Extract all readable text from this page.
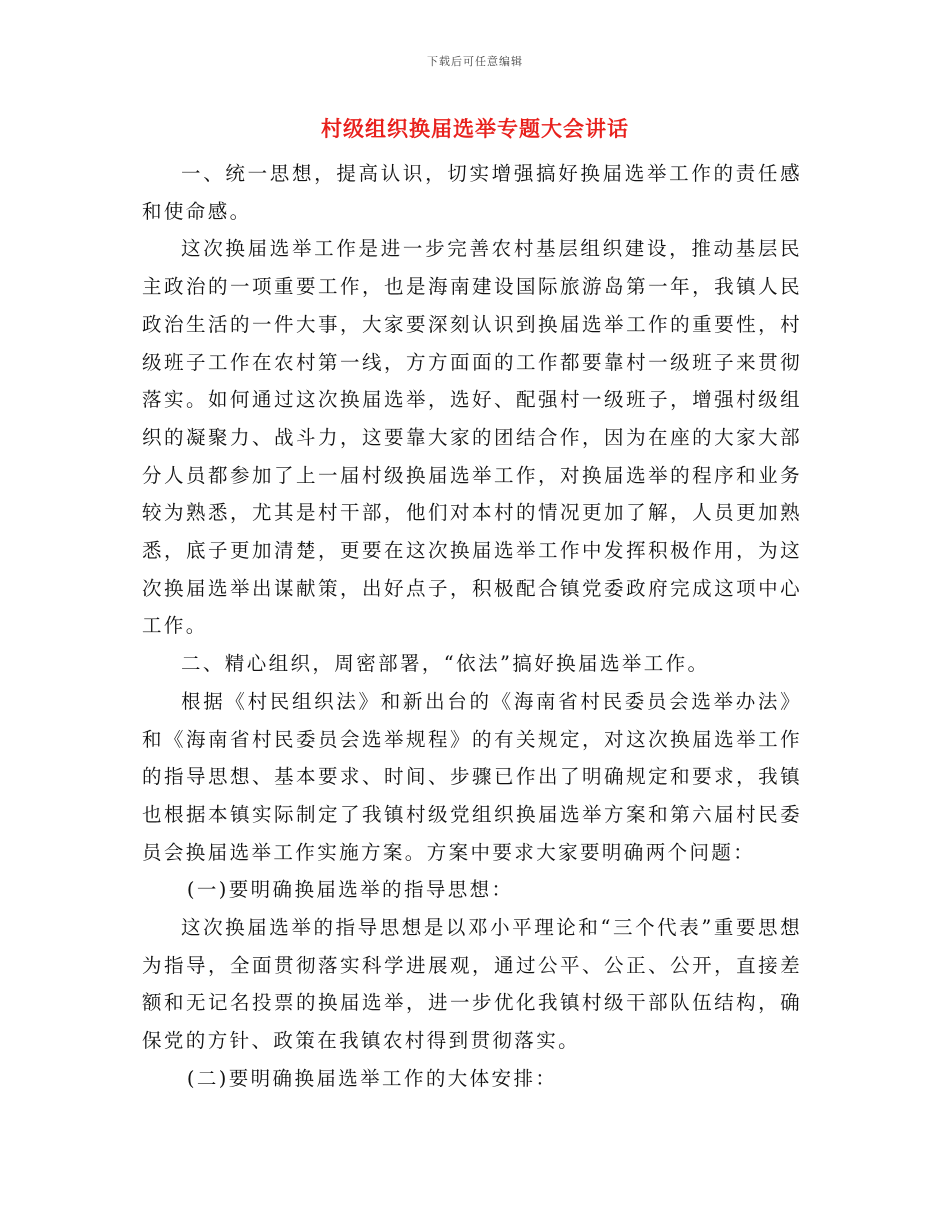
下载后可任意编辑
村级组织换届选举专题大会讲话

一、统一思想，提高认识，切实增强搞好换届选举工作的责任感和使命感。

这次换届选举工作是进一步完善农村基层组织建设，推动基层民主政治的一项重要工作，也是海南建设国际旅游岛第一年，我镇人民政治生活的一件大事，大家要深刻认识到换届选举工作的重要性，村级班子工作在农村第一线，方方面面的工作都要靠村一级班子来贯彻落实。如何通过这次换届选举，选好、配强村一级班子，增强村级组织的凝聚力、战斗力，这要靠大家的团结合作，因为在座的大家大部分人员都参加了上一届村级换届选举工作，对换届选举的程序和业务较为熟悉，尤其是村干部，他们对本村的情况更加了解，人员更加熟悉，底子更加清楚，更要在这次换届选举工作中发挥积极作用，为这次换届选举出谋献策，出好点子，积极配合镇党委政府完成这项中心工作。

二、精心组织，周密部署，“依法”搞好换届选举工作。

根据《村民组织法》和新出台的《海南省村民委员会选举办法》和《海南省村民委员会选举规程》的有关规定，对这次换届选举工作的指导思想、基本要求、时间、步骤已作出了明确规定和要求，我镇也根据本镇实际制定了我镇村级党组织换届选举方案和第六届村民委员会换届选举工作实施方案。方案中要求大家要明确两个问题：

(一)要明确换届选举的指导思想：

这次换届选举的指导思想是以邓小平理论和“三个代表”重要思想为指导，全面贯彻落实科学进展观，通过公平、公正、公开，直接差额和无记名投票的换届选举，进一步优化我镇村级干部队伍结构，确保党的方针、政策在我镇农村得到贯彻落实。

(二)要明确换届选举工作的大体安排：
